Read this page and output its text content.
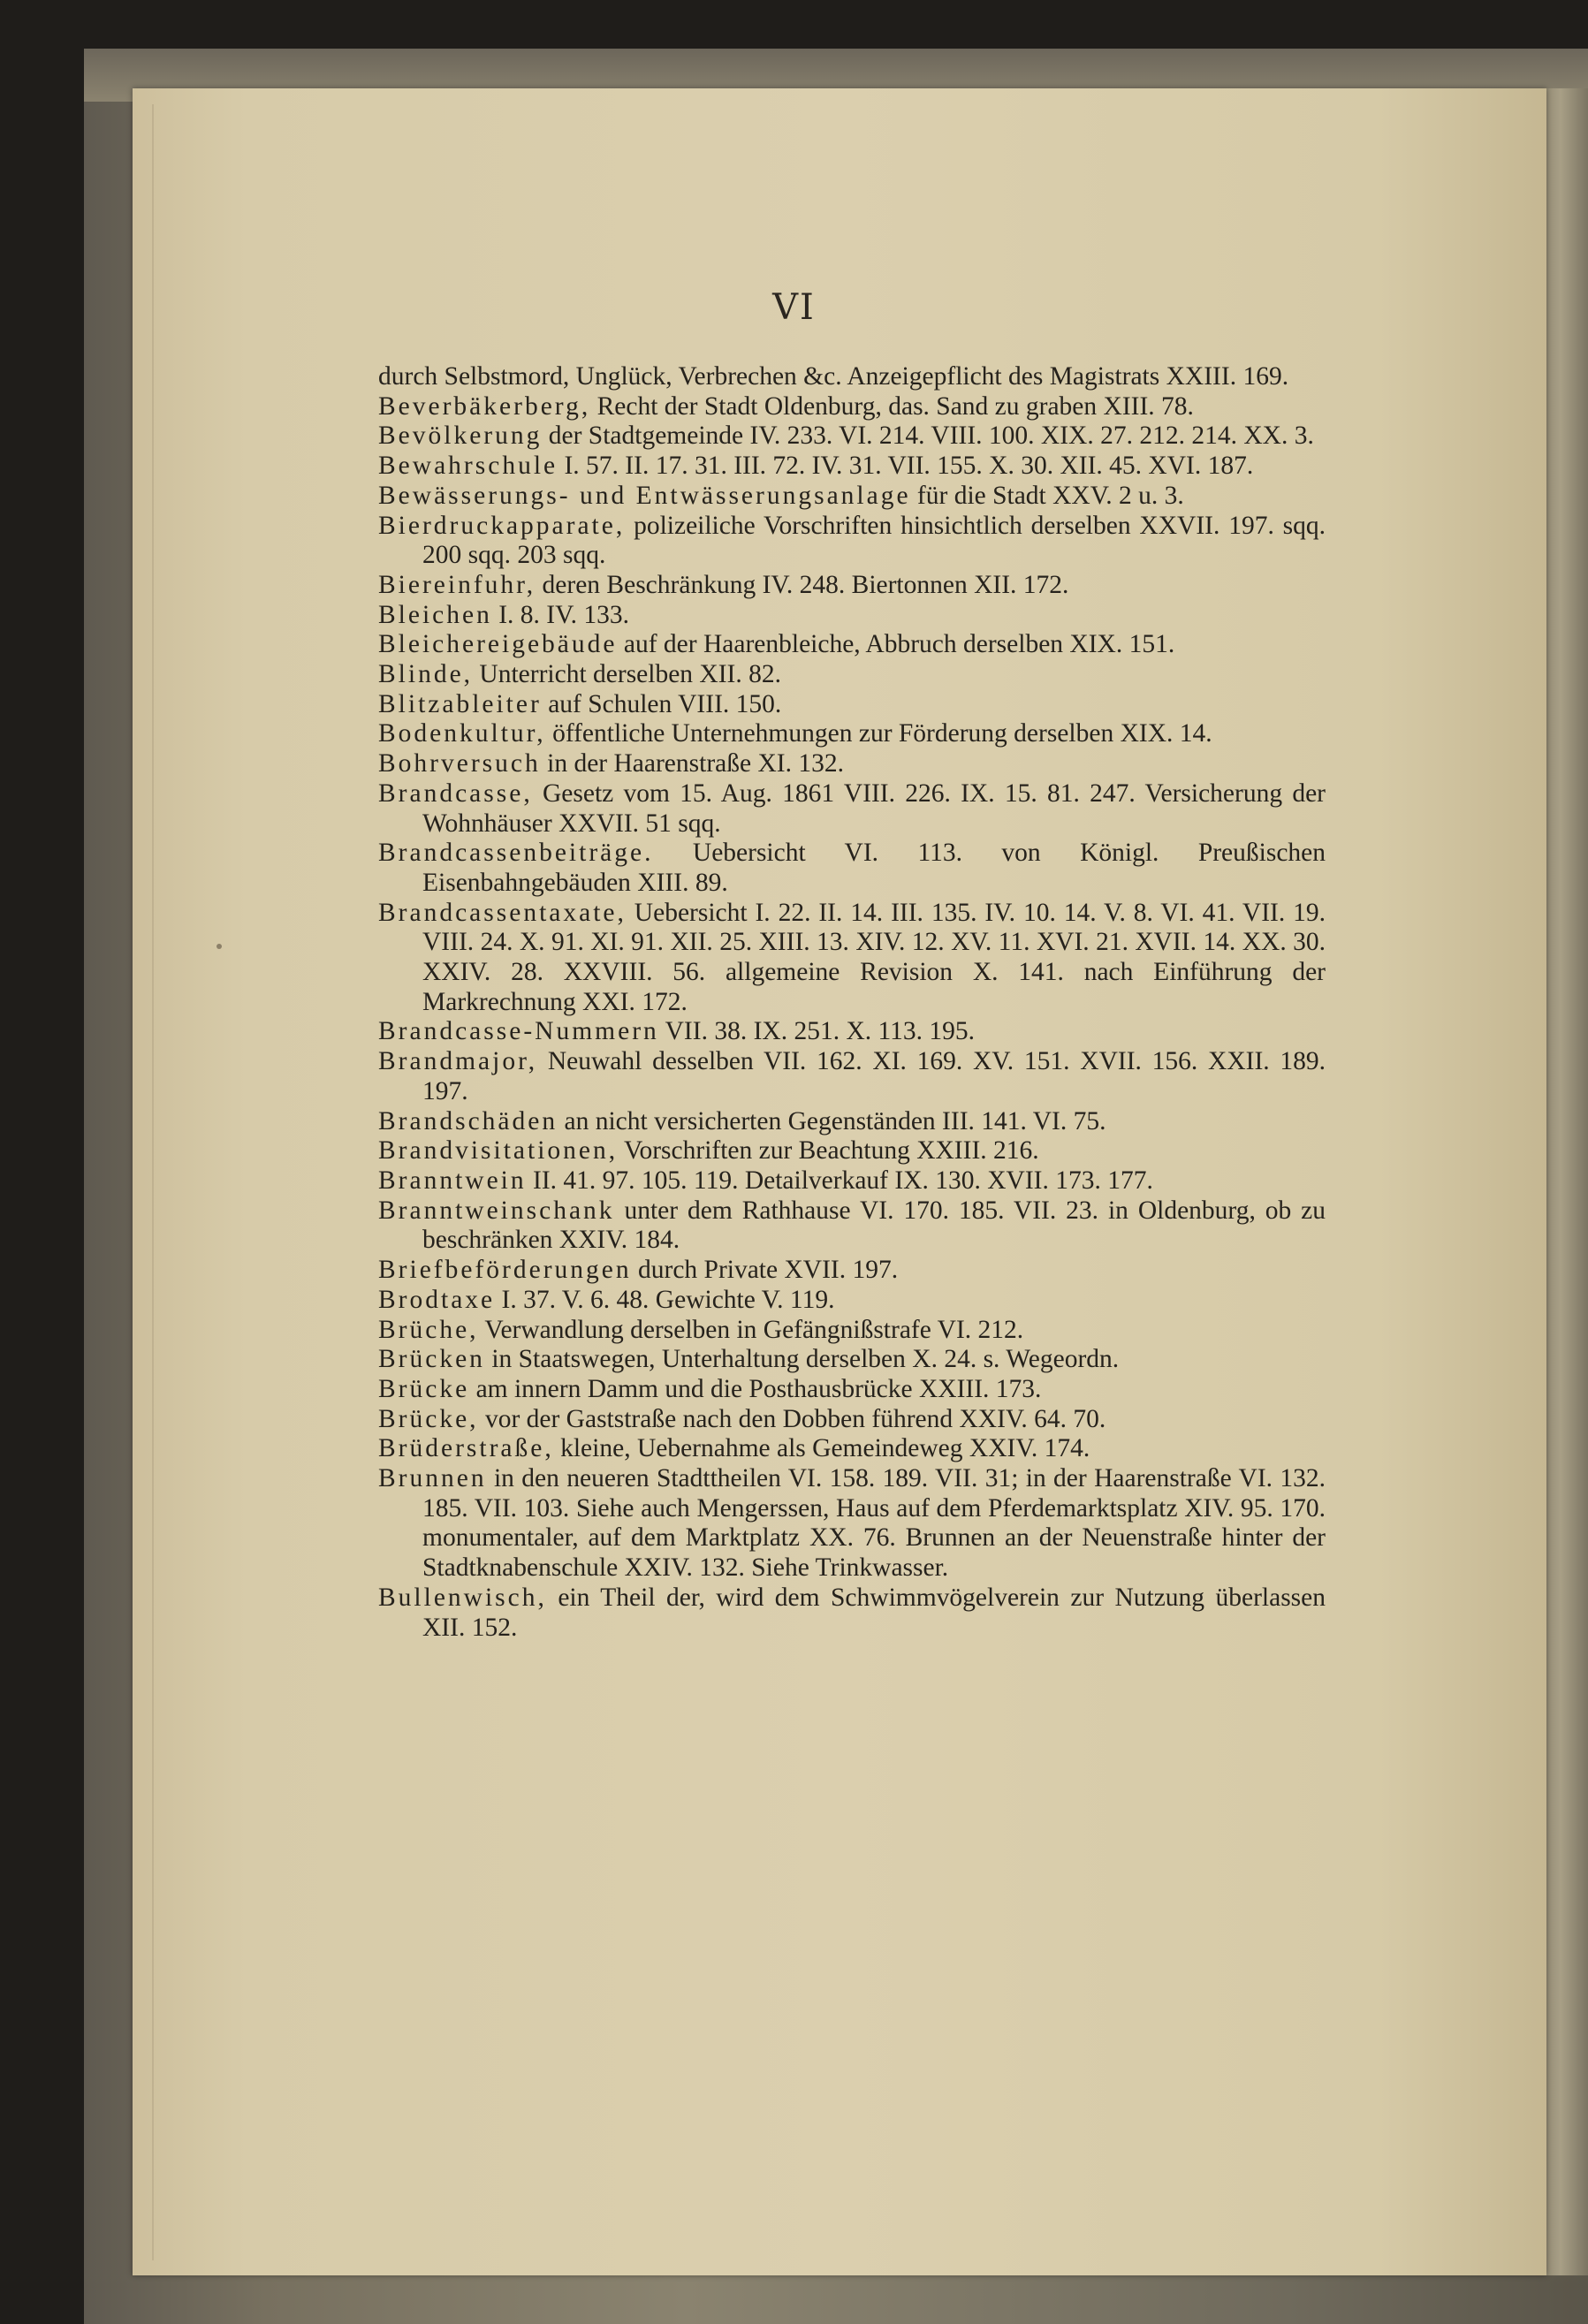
VI

durch Selbstmord, Unglück, Verbrechen &c. Anzeigepflicht des Magistrats XXIII. 169.

Beverbäkerberg, Recht der Stadt Oldenburg, das. Sand zu graben XIII. 78.

Bevölkerung der Stadtgemeinde IV. 233. VI. 214. VIII. 100. XIX. 27. 212. 214. XX. 3.

Bewahrschule I. 57. II. 17. 31. III. 72. IV. 31. VII. 155. X. 30. XII. 45. XVI. 187.

Bewässerungs- und Entwässerungsanlage für die Stadt XXV. 2 u. 3.

Bierdruckapparate, polizeiliche Vorschriften hinsichtlich derselben XXVII. 197. sqq. 200 sqq. 203 sqq.

Biereinfuhr, deren Beschränkung IV. 248. Biertonnen XII. 172.

Bleichen I. 8. IV. 133.

Bleichereigebäude auf der Haarenbleiche, Abbruch derselben XIX. 151.

Blinde, Unterricht derselben XII. 82.

Blitzableiter auf Schulen VIII. 150.

Bodenkultur, öffentliche Unternehmungen zur Förderung derselben XIX. 14.

Bohrversuch in der Haarenstraße XI. 132.

Brandcasse, Gesetz vom 15. Aug. 1861 VIII. 226. IX. 15. 81. 247. Versicherung der Wohnhäuser XXVII. 51 sqq.

Brandcassenbeiträge. Uebersicht VI. 113. von Königl. Preußischen Eisenbahngebäuden XIII. 89.

Brandcassentaxate, Uebersicht I. 22. II. 14. III. 135. IV. 10. 14. V. 8. VI. 41. VII. 19. VIII. 24. X. 91. XI. 91. XII. 25. XIII. 13. XIV. 12. XV. 11. XVI. 21. XVII. 14. XX. 30. XXIV. 28. XXVIII. 56. allgemeine Revision X. 141. nach Einführung der Markrechnung XXI. 172.

Brandcasse-Nummern VII. 38. IX. 251. X. 113. 195.

Brandmajor, Neuwahl desselben VII. 162. XI. 169. XV. 151. XVII. 156. XXII. 189. 197.

Brandschäden an nicht versicherten Gegenständen III. 141. VI. 75.

Brandvisitationen, Vorschriften zur Beachtung XXIII. 216.

Branntwein II. 41. 97. 105. 119. Detailverkauf IX. 130. XVII. 173. 177.

Branntweinschank unter dem Rathhause VI. 170. 185. VII. 23. in Oldenburg, ob zu beschränken XXIV. 184.

Briefbeförderungen durch Private XVII. 197.

Brodtaxe I. 37. V. 6. 48. Gewichte V. 119.

Brüche, Verwandlung derselben in Gefängnißstrafe VI. 212.

Brücken in Staatswegen, Unterhaltung derselben X. 24. s. Wegeordn.

Brücke am innern Damm und die Posthausbrücke XXIII. 173.

Brücke, vor der Gaststraße nach den Dobben führend XXIV. 64. 70.

Brüderstraße, kleine, Uebernahme als Gemeindeweg XXIV. 174.

Brunnen in den neueren Stadttheilen VI. 158. 189. VII. 31; in der Haarenstraße VI. 132. 185. VII. 103. Siehe auch Mengerssen, Haus auf dem Pferdemarktsplatz XIV. 95. 170. monumentaler, auf dem Marktplatz XX. 76. Brunnen an der Neuenstraße hinter der Stadtknabenschule XXIV. 132. Siehe Trinkwasser.

Bullenwisch, ein Theil der, wird dem Schwimmvögelverein zur Nutzung überlassen XII. 152.
